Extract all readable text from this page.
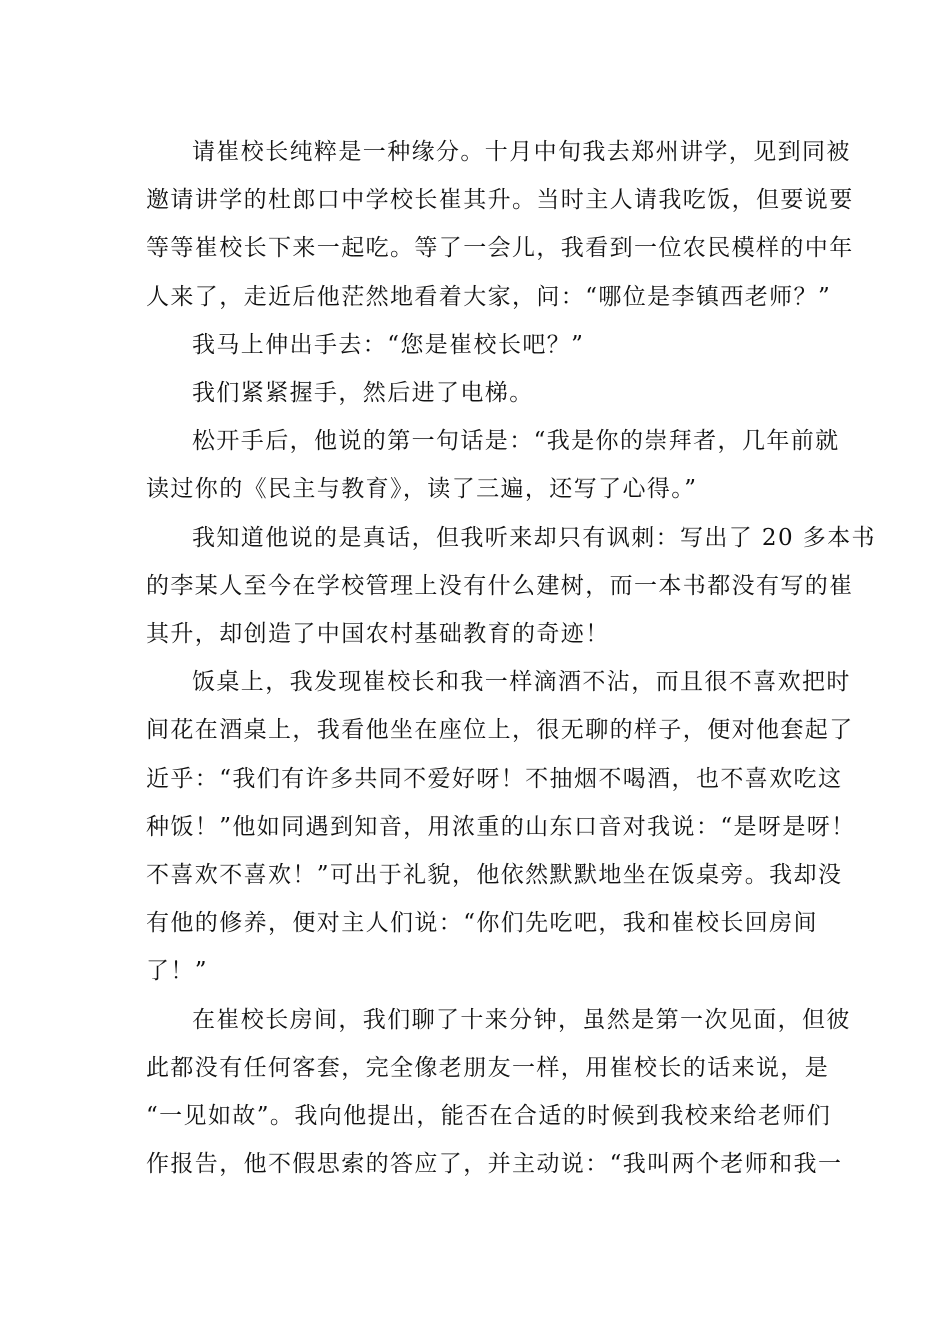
请崔校长纯粹是一种缘分。十月中旬我去郑州讲学，见到同被
邀请讲学的杜郎口中学校长崔其升。当时主人请我吃饭，但要说要
等等崔校长下来一起吃。等了一会儿，我看到一位农民模样的中年
人来了，走近后他茫然地看着大家，问：“哪位是李镇西老师？”
我马上伸出手去：“您是崔校长吧？”
我们紧紧握手，然后进了电梯。
松开手后，他说的第一句话是：“我是你的崇拜者，几年前就
读过你的《民主与教育》，读了三遍，还写了心得。”
我知道他说的是真话，但我听来却只有讽刺：写出了 20 多本书
的李某人至今在学校管理上没有什么建树，而一本书都没有写的崔
其升，却创造了中国农村基础教育的奇迹！
饭桌上，我发现崔校长和我一样滴酒不沾，而且很不喜欢把时
间花在酒桌上，我看他坐在座位上，很无聊的样子，便对他套起了
近乎：“我们有许多共同不爱好呀！不抽烟不喝酒，也不喜欢吃这
种饭！”他如同遇到知音，用浓重的山东口音对我说：“是呀是呀！
不喜欢不喜欢！”可出于礼貌，他依然默默地坐在饭桌旁。我却没
有他的修养，便对主人们说：“你们先吃吧，我和崔校长回房间
了！”
在崔校长房间，我们聊了十来分钟，虽然是第一次见面，但彼
此都没有任何客套，完全像老朋友一样，用崔校长的话来说，是
“一见如故”。我向他提出，能否在合适的时候到我校来给老师们
作报告，他不假思索的答应了，并主动说：“我叫两个老师和我一
